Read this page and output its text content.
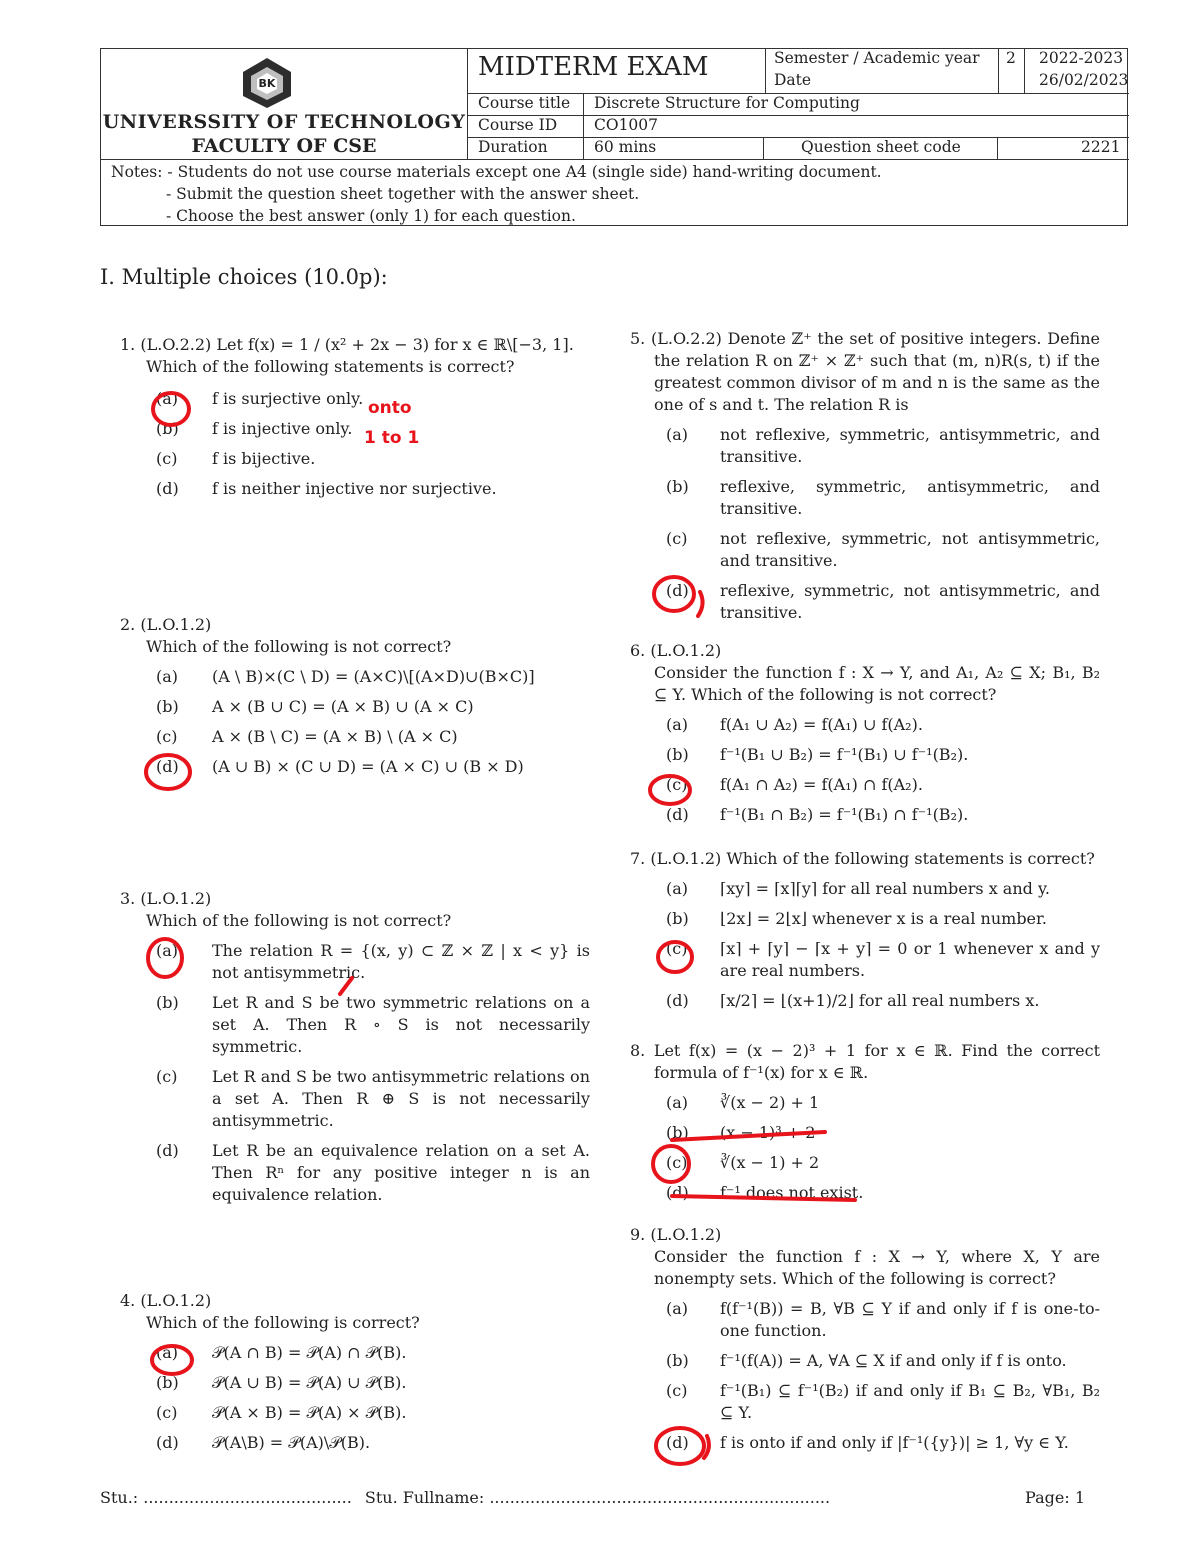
BK
UNIVERSSITY OF TECHNOLOGY
FACULTY OF CSE
MIDTERM EXAM	Semester / Academic year 2 2022-2023
Date	26/02/2023
Course title Discrete Structure for Computing
Course ID CO1007
Duration	60 mins	Question sheet code	2221
Notes: - Students do not use course materials except one A4 (single side) hand-writing document.
- Submit the question sheet together with the answer sheet.
- Choose the best answer (only 1) for each question.
I. Multiple choices (10.0p):
1. (L.O.2.2) Let f(x) = 1 / (x² + 2x − 3) for x ∈ ℝ\[−3, 1].
Which of the following statements is correct?
(a) f is surjective only.
(b) f is injective only.
(c) f is bijective.
(d) f is neither injective nor surjective.
2. (L.O.1.2)
Which of the following is not correct?
(a) (A \ B)×(C \ D) = (A×C)\[(A×D)∪(B×C)]
(b) A × (B ∪ C) = (A × B) ∪ (A × C)
(c) A × (B \ C) = (A × B) \ (A × C)
(d) (A ∪ B) × (C ∪ D) = (A × C) ∪ (B × D)
3. (L.O.1.2)
Which of the following is not correct?
(a) The relation R = {(x, y) ⊂ ℤ × ℤ | x < y} is not antisymmetric.
(b) Let R and S be two symmetric relations on a set A. Then R ∘ S is not necessarily symmetric.
(c) Let R and S be two antisymmetric relations on a set A. Then R ⊕ S is not necessarily antisymmetric.
(d) Let R be an equivalence relation on a set A. Then Rⁿ for any positive integer n is an equivalence relation.
4. (L.O.1.2)
Which of the following is correct?
(a) 𝒫(A ∩ B) = 𝒫(A) ∩ 𝒫(B).
(b) 𝒫(A ∪ B) = 𝒫(A) ∪ 𝒫(B).
(c) 𝒫(A × B) = 𝒫(A) × 𝒫(B).
(d) 𝒫(A\B) = 𝒫(A)\𝒫(B).
5. (L.O.2.2) Denote ℤ⁺ the set of positive integers. Define the relation R on ℤ⁺ × ℤ⁺ such that (m, n)R(s, t) if the greatest common divisor of m and n is the same as the one of s and t. The relation R is
(a) not reflexive, symmetric, antisymmetric, and transitive.
(b) reflexive, symmetric, antisymmetric, and transitive.
(c) not reflexive, symmetric, not antisymmetric, and transitive.
(d) reflexive, symmetric, not antisymmetric, and transitive.
6. (L.O.1.2)
Consider the function f : X → Y, and A₁, A₂ ⊆ X; B₁, B₂ ⊆ Y. Which of the following is not correct?
(a) f(A₁ ∪ A₂) = f(A₁) ∪ f(A₂).
(b) f⁻¹(B₁ ∪ B₂) = f⁻¹(B₁) ∪ f⁻¹(B₂).
(c) f(A₁ ∩ A₂) = f(A₁) ∩ f(A₂).
(d) f⁻¹(B₁ ∩ B₂) = f⁻¹(B₁) ∩ f⁻¹(B₂).
7. (L.O.1.2) Which of the following statements is correct?
(a) ⌈xy⌉ = ⌈x⌉⌈y⌉ for all real numbers x and y.
(b) ⌊2x⌋ = 2⌊x⌋ whenever x is a real number.
(c) ⌈x⌉ + ⌈y⌉ − ⌈x + y⌉ = 0 or 1 whenever x and y are real numbers.
(d) ⌈x/2⌉ = ⌊(x+1)/2⌋ for all real numbers x.
8. Let f(x) = (x − 2)³ + 1 for x ∈ ℝ. Find the correct formula of f⁻¹(x) for x ∈ ℝ.
(a) ∛(x − 2) + 1
(b) (x − 1)³ + 2
(c) ∛(x − 1) + 2
(d) f⁻¹ does not exist.
9. (L.O.1.2)
Consider the function f : X → Y, where X, Y are nonempty sets. Which of the following is correct?
(a) f(f⁻¹(B)) = B, ∀B ⊆ Y if and only if f is one-to-one function.
(b) f⁻¹(f(A)) = A, ∀A ⊆ X if and only if f is onto.
(c) f⁻¹(B₁) ⊆ f⁻¹(B₂) if and only if B₁ ⊆ B₂, ∀B₁, B₂ ⊆ Y.
(d) f is onto if and only if |f⁻¹({y})| ≥ 1, ∀y ∈ Y.
onto
1 to 1
Stu.: ......................................... Stu. Fullname: ...................................................................	Page: 1
